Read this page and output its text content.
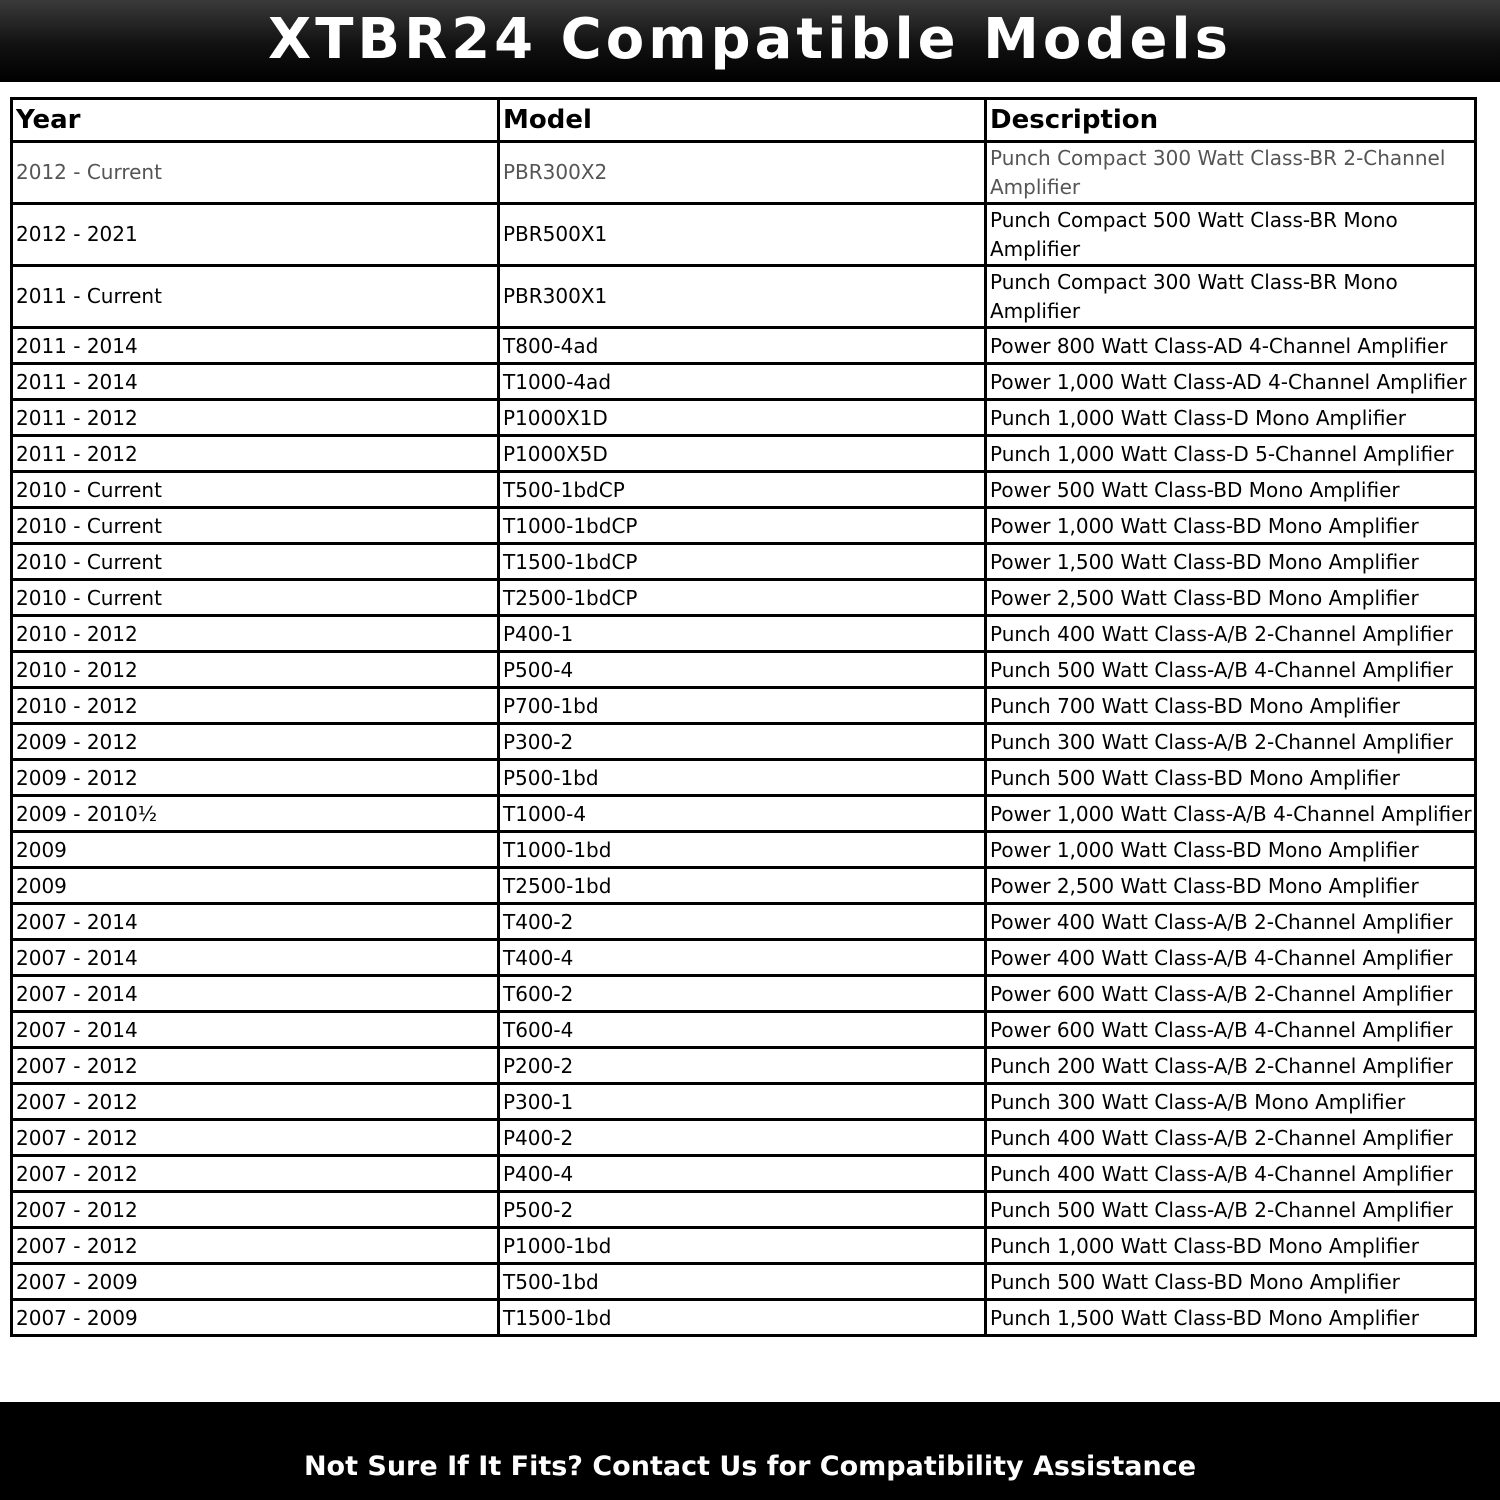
XTBR24 Compatible Models
Year	Model	Description
2012 - Current	PBR300X2	Punch Compact 300 Watt Class-BR 2-Channel Amplifier
2012 - 2021	PBR500X1	Punch Compact 500 Watt Class-BR Mono Amplifier
2011 - Current	PBR300X1	Punch Compact 300 Watt Class-BR Mono Amplifier
2011 - 2014	T800-4ad	Power 800 Watt Class-AD 4-Channel Amplifier
2011 - 2014	T1000-4ad	Power 1,000 Watt Class-AD 4-Channel Amplifier
2011 - 2012	P1000X1D	Punch 1,000 Watt Class-D Mono Amplifier
2011 - 2012	P1000X5D	Punch 1,000 Watt Class-D 5-Channel Amplifier
2010 - Current	T500-1bdCP	Power 500 Watt Class-BD Mono Amplifier
2010 - Current	T1000-1bdCP	Power 1,000 Watt Class-BD Mono Amplifier
2010 - Current	T1500-1bdCP	Power 1,500 Watt Class-BD Mono Amplifier
2010 - Current	T2500-1bdCP	Power 2,500 Watt Class-BD Mono Amplifier
2010 - 2012	P400-1	Punch 400 Watt Class-A/B 2-Channel Amplifier
2010 - 2012	P500-4	Punch 500 Watt Class-A/B 4-Channel Amplifier
2010 - 2012	P700-1bd	Punch 700 Watt Class-BD Mono Amplifier
2009 - 2012	P300-2	Punch 300 Watt Class-A/B 2-Channel Amplifier
2009 - 2012	P500-1bd	Punch 500 Watt Class-BD Mono Amplifier
2009 - 2010½	T1000-4	Power 1,000 Watt Class-A/B 4-Channel Amplifier
2009	T1000-1bd	Power 1,000 Watt Class-BD Mono Amplifier
2009	T2500-1bd	Power 2,500 Watt Class-BD Mono Amplifier
2007 - 2014	T400-2	Power 400 Watt Class-A/B 2-Channel Amplifier
2007 - 2014	T400-4	Power 400 Watt Class-A/B 4-Channel Amplifier
2007 - 2014	T600-2	Power 600 Watt Class-A/B 2-Channel Amplifier
2007 - 2014	T600-4	Power 600 Watt Class-A/B 4-Channel Amplifier
2007 - 2012	P200-2	Punch 200 Watt Class-A/B 2-Channel Amplifier
2007 - 2012	P300-1	Punch 300 Watt Class-A/B Mono Amplifier
2007 - 2012	P400-2	Punch 400 Watt Class-A/B 2-Channel Amplifier
2007 - 2012	P400-4	Punch 400 Watt Class-A/B 4-Channel Amplifier
2007 - 2012	P500-2	Punch 500 Watt Class-A/B 2-Channel Amplifier
2007 - 2012	P1000-1bd	Punch 1,000 Watt Class-BD Mono Amplifier
2007 - 2009	T500-1bd	Punch 500 Watt Class-BD Mono Amplifier
2007 - 2009	T1500-1bd	Punch 1,500 Watt Class-BD Mono Amplifier
Not Sure If It Fits? Contact Us for Compatibility Assistance
